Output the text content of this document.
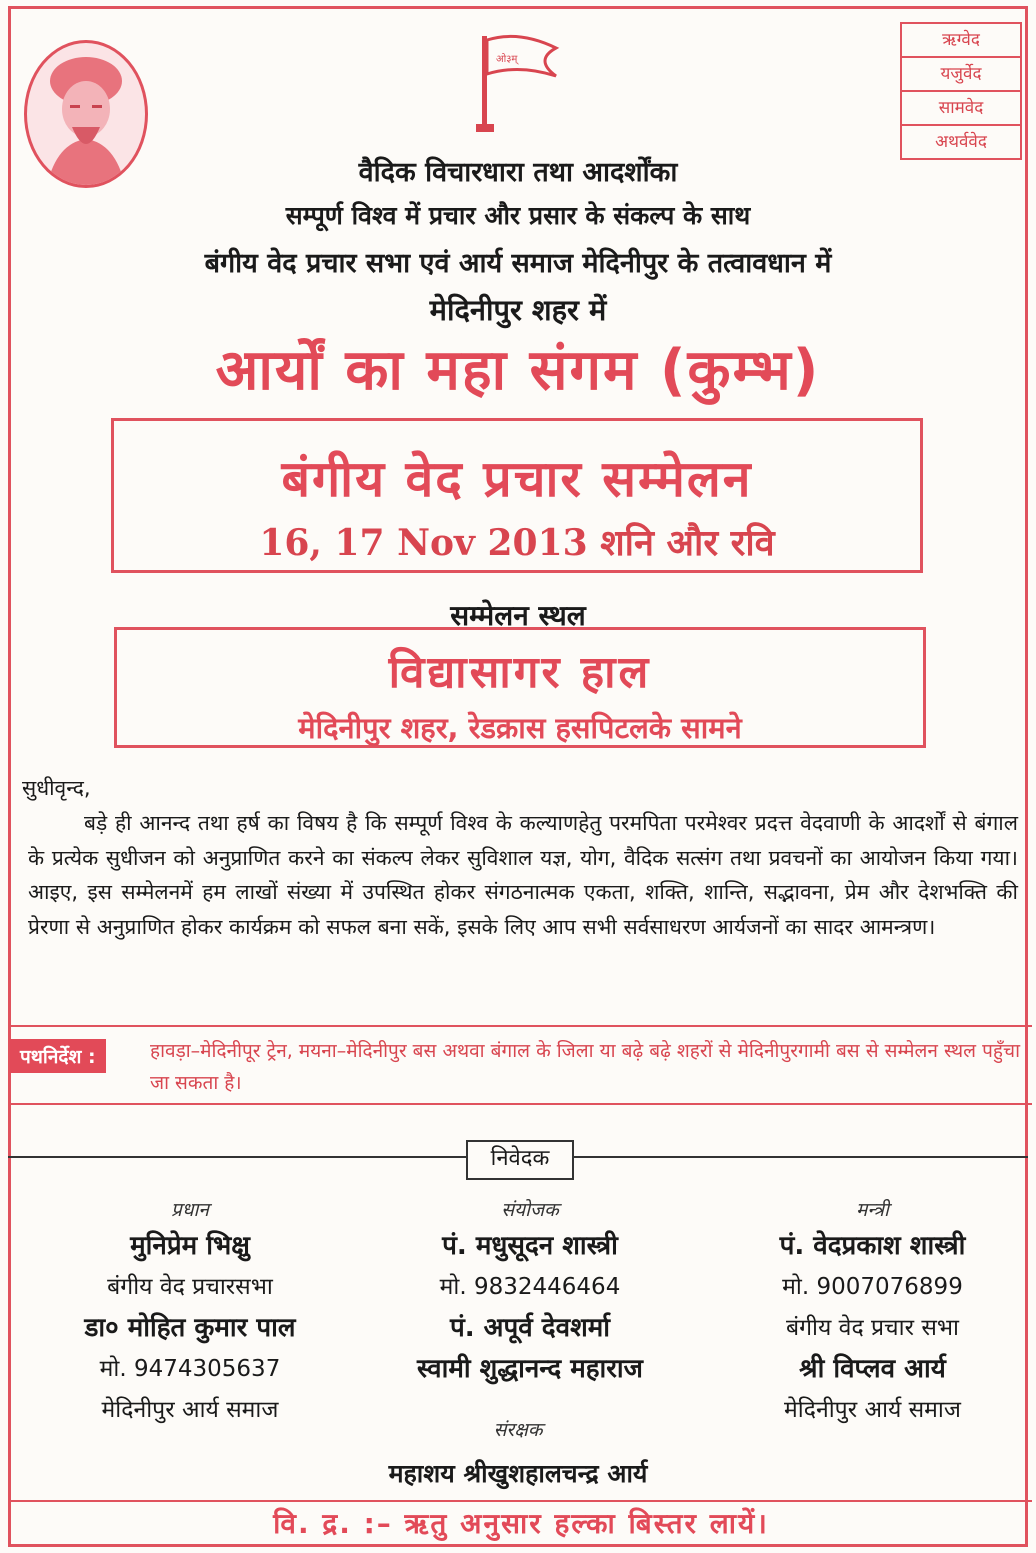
ओ३म्
ऋग्वेद
यजुर्वेद
सामवेद
अथर्ववेद
वैदिक विचारधारा तथा आदर्शोंका
सम्पूर्ण विश्व में प्रचार और प्रसार के संकल्प के साथ
बंगीय वेद प्रचार सभा एवं आर्य समाज मेदिनीपुर के तत्वावधान में
मेदिनीपुर शहर में
आर्यों का महा संगम (कुम्भ)
बंगीय वेद प्रचार सम्मेलन
16, 17 Nov 2013 शनि और रवि
सम्मेलन स्थल
विद्यासागर हाल
मेदिनीपुर शहर, रेडक्रास हसपिटलके सामने
सुधीवृन्द,
बड़े ही आनन्द तथा हर्ष का विषय है कि सम्पूर्ण विश्व के कल्याणहेतु परमपिता परमेश्वर प्रदत्त वेदवाणी के आदर्शों से बंगाल के प्रत्येक सुधीजन को अनुप्राणित करने का संकल्प लेकर सुविशाल यज्ञ, योग, वैदिक सत्संग तथा प्रवचनों का आयोजन किया गया। आइए, इस सम्मेलनमें हम लाखों संख्या में उपस्थित होकर संगठनात्मक एकता, शक्ति, शान्ति, सद्भावना, प्रेम और देशभक्ति की प्रेरणा से अनुप्राणित होकर कार्यक्रम को सफल बना सकें, इसके लिए आप सभी सर्वसाधरण आर्यजनों का सादर आमन्त्रण।
पथनिर्देश :	हावड़ा–मेदिनीपूर ट्रेन, मयना–मेदिनीपुर बस अथवा बंगाल के जिला या बढ़े बढ़े शहरों से मेदिनीपुरगामी बस से सम्मेलन स्थल पहुँचा जा सकता है।
निवेदक
प्रधान
मुनिप्रेम भिक्षु
बंगीय वेद प्रचारसभा
डा० मोहित कुमार पाल
मो. 9474305637
मेदिनीपुर आर्य समाज
संयोजक
पं. मधुसूदन शास्त्री
मो. 9832446464
पं. अपूर्व देवशर्मा
स्वामी शुद्धानन्द महाराज
मन्त्री
पं. वेदप्रकाश शास्त्री
मो. 9007076899
बंगीय वेद प्रचार सभा
श्री विप्लव आर्य
मेदिनीपुर आर्य समाज
संरक्षक
महाशय श्रीखुशहालचन्द्र आर्य
वि. द्र. :– ऋतु अनुसार हल्का बिस्तर लायें।
